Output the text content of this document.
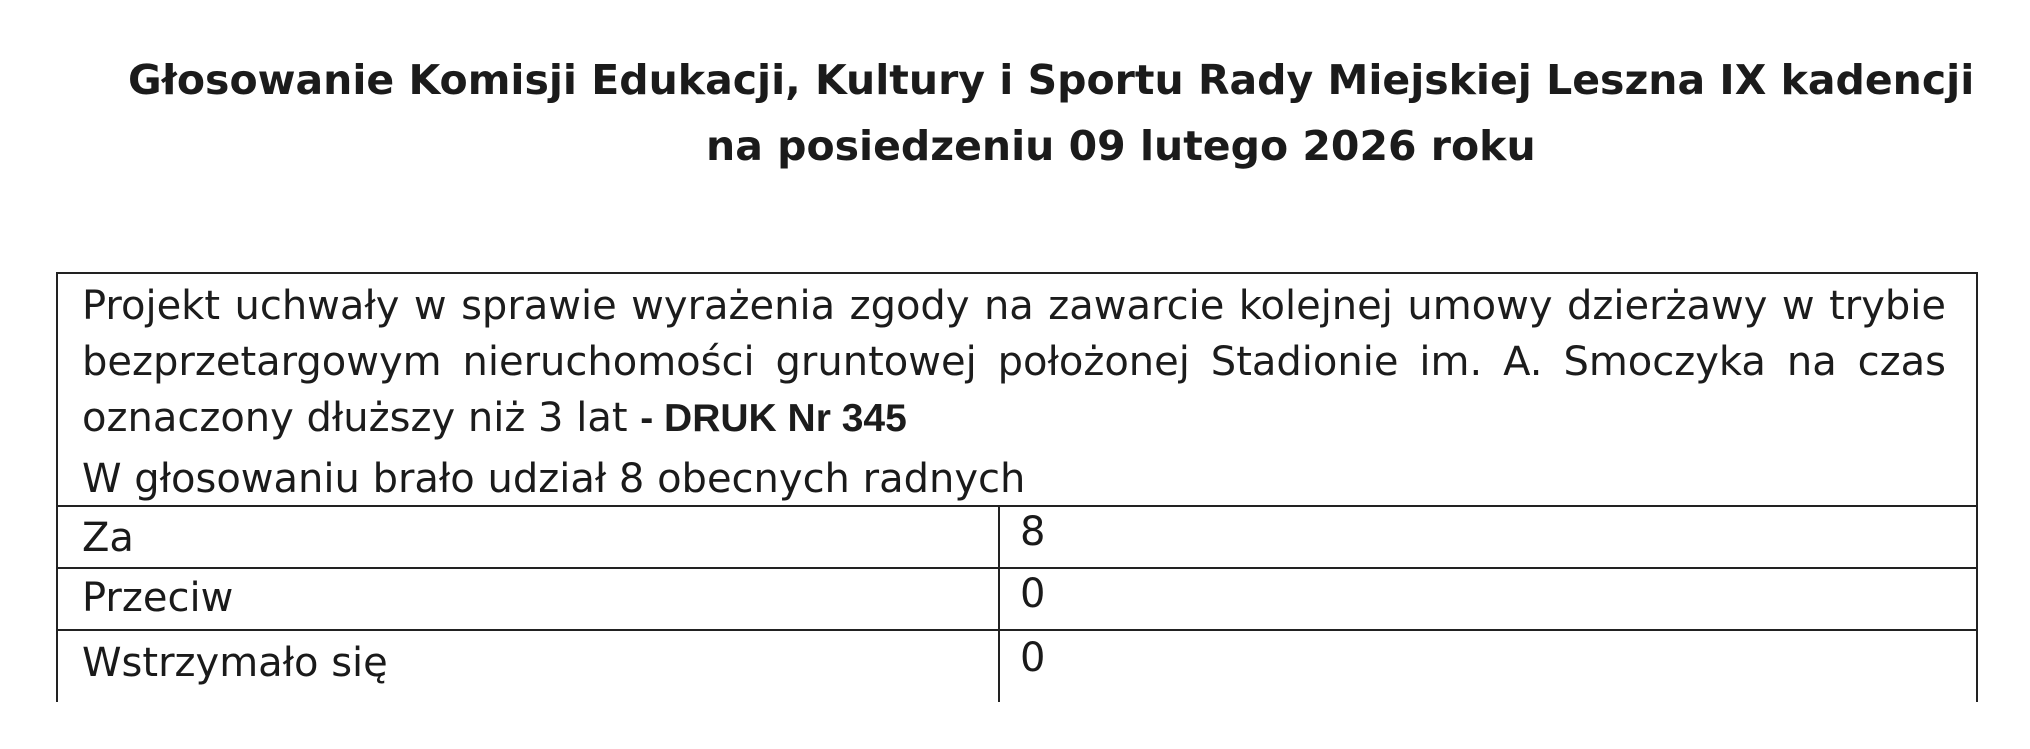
Głosowanie Komisji Edukacji, Kultury i Sportu Rady Miejskiej Leszna IX kadencji
na posiedzeniu 09 lutego 2026 roku
Projekt uchwały w sprawie wyrażenia zgody na zawarcie kolejnej umowy dzierżawy w trybie bezprzetargowym nieruchomości gruntowej położonej Stadionie im. A. Smoczyka na czas oznaczony dłuższy niż 3 lat - DRUK Nr 345
W głosowaniu brało udział 8 obecnych radnych
Za	8
Przeciw	0
Wstrzymało się	0
